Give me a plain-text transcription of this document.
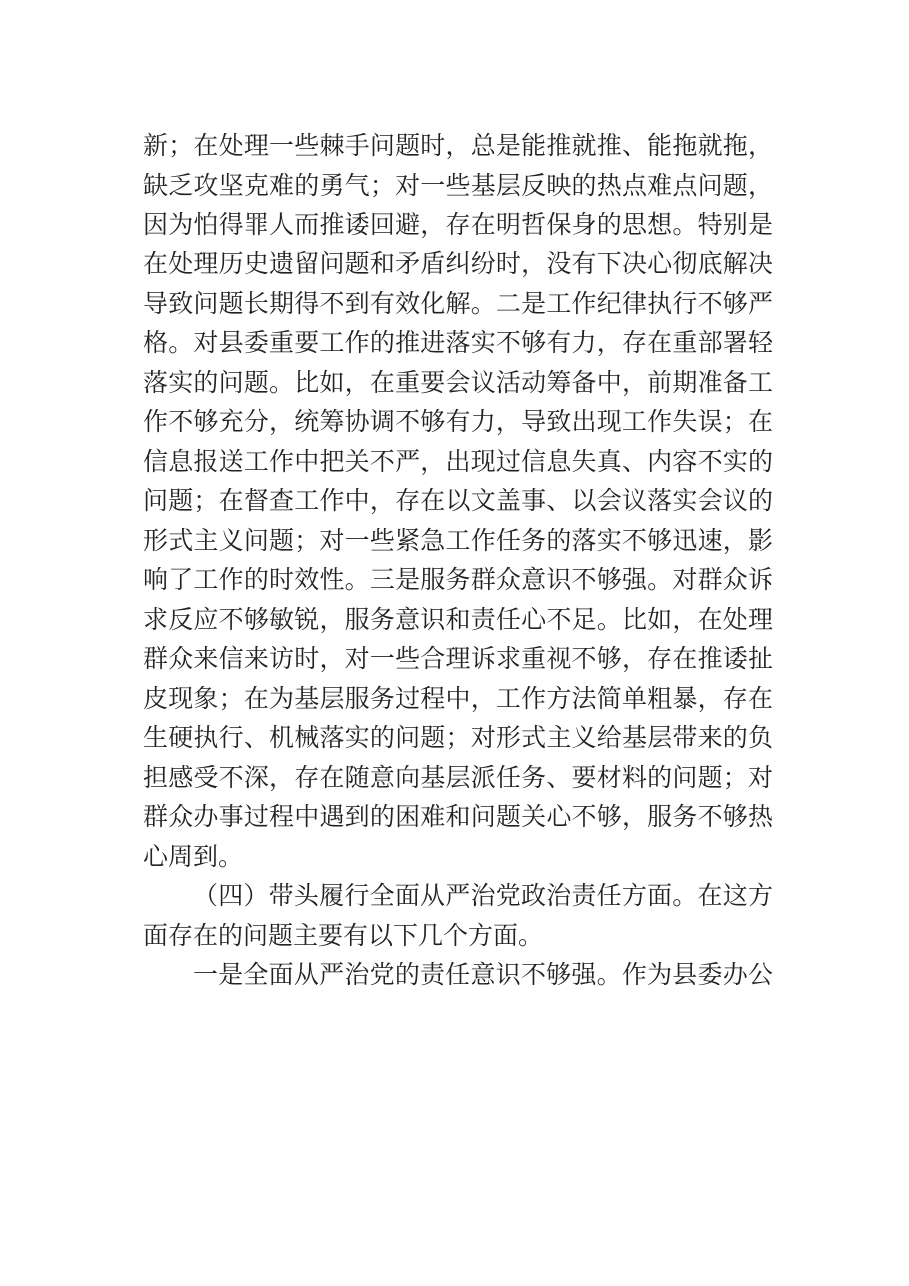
新；在处理一些棘手问题时，总是能推就推、能拖就拖，
缺乏攻坚克难的勇气；对一些基层反映的热点难点问题，
因为怕得罪人而推诿回避，存在明哲保身的思想。特别是
在处理历史遗留问题和矛盾纠纷时，没有下决心彻底解决
导致问题长期得不到有效化解。二是工作纪律执行不够严
格。对县委重要工作的推进落实不够有力，存在重部署轻
落实的问题。比如，在重要会议活动筹备中，前期准备工
作不够充分，统筹协调不够有力，导致出现工作失误；在
信息报送工作中把关不严，出现过信息失真、内容不实的
问题；在督查工作中，存在以文盖事、以会议落实会议的
形式主义问题；对一些紧急工作任务的落实不够迅速，影
响了工作的时效性。三是服务群众意识不够强。对群众诉
求反应不够敏锐，服务意识和责任心不足。比如，在处理
群众来信来访时，对一些合理诉求重视不够，存在推诿扯
皮现象；在为基层服务过程中，工作方法简单粗暴，存在
生硬执行、机械落实的问题；对形式主义给基层带来的负
担感受不深，存在随意向基层派任务、要材料的问题；对
群众办事过程中遇到的困难和问题关心不够，服务不够热
心周到。
（四）带头履行全面从严治党政治责任方面。在这方
面存在的问题主要有以下几个方面。
一是全面从严治党的责任意识不够强。作为县委办公
